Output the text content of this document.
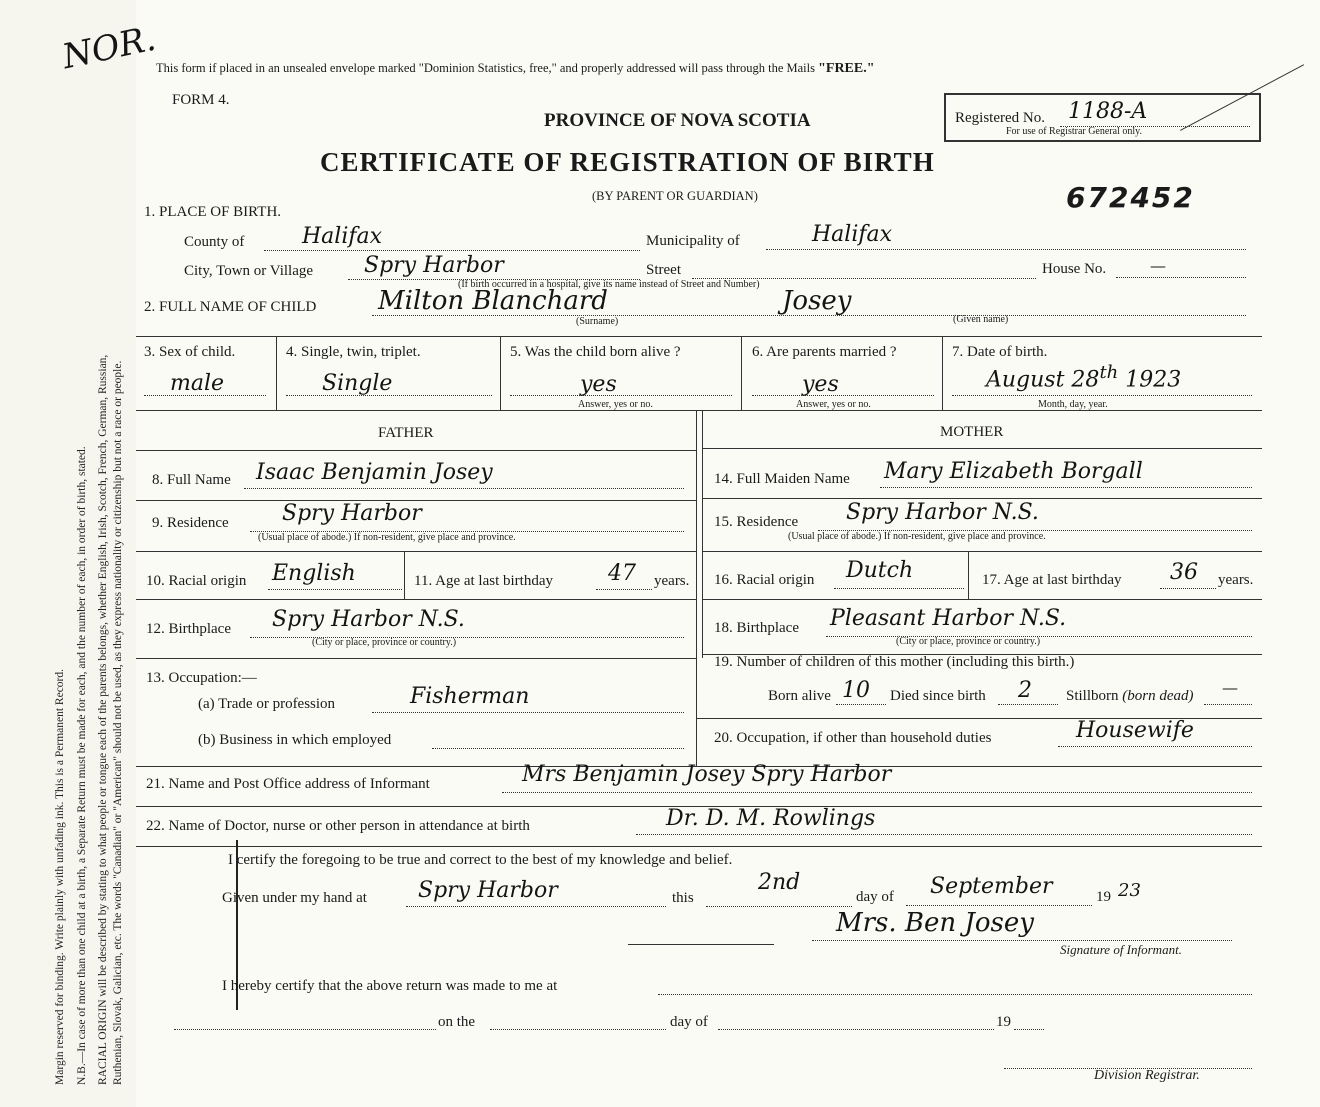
NOR.
Margin reserved for binding. Write plainly with unfading ink. This is a Permanent Record. N.B.—In case of more than one child at a birth, a Separate Return must be made for each, and the number of each, in order of birth, stated. RACIAL ORIGIN will be described by stating to what people or tongue each of the parents belongs, whether English, Irish, Scotch, French, German, Russian, Ruthenian, Slovak, Galician, etc. The words "Canadian" or "American" should not be used, as they express nationality or citizenship but not a race or people.
This form if placed in an unsealed envelope marked "Dominion Statistics, free," and properly addressed will pass through the Mails "FREE."
FORM 4.
PROVINCE OF NOVA SCOTIA
CERTIFICATE OF REGISTRATION OF BIRTH
(BY PARENT OR GUARDIAN)
Registered No. 1188-A
For use of Registrar General only.
672452
1. PLACE OF BIRTH.
County of	Halifax	Municipality of	Halifax
City, Town or Village Spry Harbor	Street	House No.	—
(If birth occurred in a hospital, give its name instead of Street and Number)
2. FULL NAME OF CHILD Milton Blanchard	Josey
(Surname)	(Given name)
3. Sex of child.
male
4. Single, twin, triplet.
Single
5. Was the child born alive ?
yes
Answer, yes or no.
6. Are parents married ?
yes
Answer, yes or no.
7. Date of birth.
August 28th 1923
Month, day, year.
FATHER	MOTHER
8. Full Name Isaac Benjamin Josey	14. Full Maiden Name Mary Elizabeth Borgall
9. Residence Spry Harbor
(Usual place of abode.) If non-resident, give place and province.
15. Residence Spry Harbor N.S.
(Usual place of abode.) If non-resident, give place and province.
10. Racial origin English	11. Age at last birthday	47 years. 16. Racial origin Dutch	17. Age at last birthday 36 years.
12. Birthplace Spry Harbor N.S.
(City or place, province or country.)
18. Birthplace Pleasant Harbor N.S.
(City or place, province or country.)
13. Occupation:—
(a) Trade or profession	Fisherman
(b) Business in which employed
19. Number of children of this mother (including this birth.)
Born alive 10 Died since birth 2 Stillborn (born dead) —
20. Occupation, if other than household duties	Housewife
21. Name and Post Office address of Informant	Mrs Benjamin Josey Spry Harbor
22. Name of Doctor, nurse or other person in attendance at birth	Dr. D. M. Rowlings
I certify the foregoing to be true and correct to the best of my knowledge and belief.
Given under my hand at Spry Harbor	this
2nd
day of September	19 23
Mrs. Ben Josey
Signature of Informant.
I hereby certify that the above return was made to me at
on the	day of	19
Division Registrar.
